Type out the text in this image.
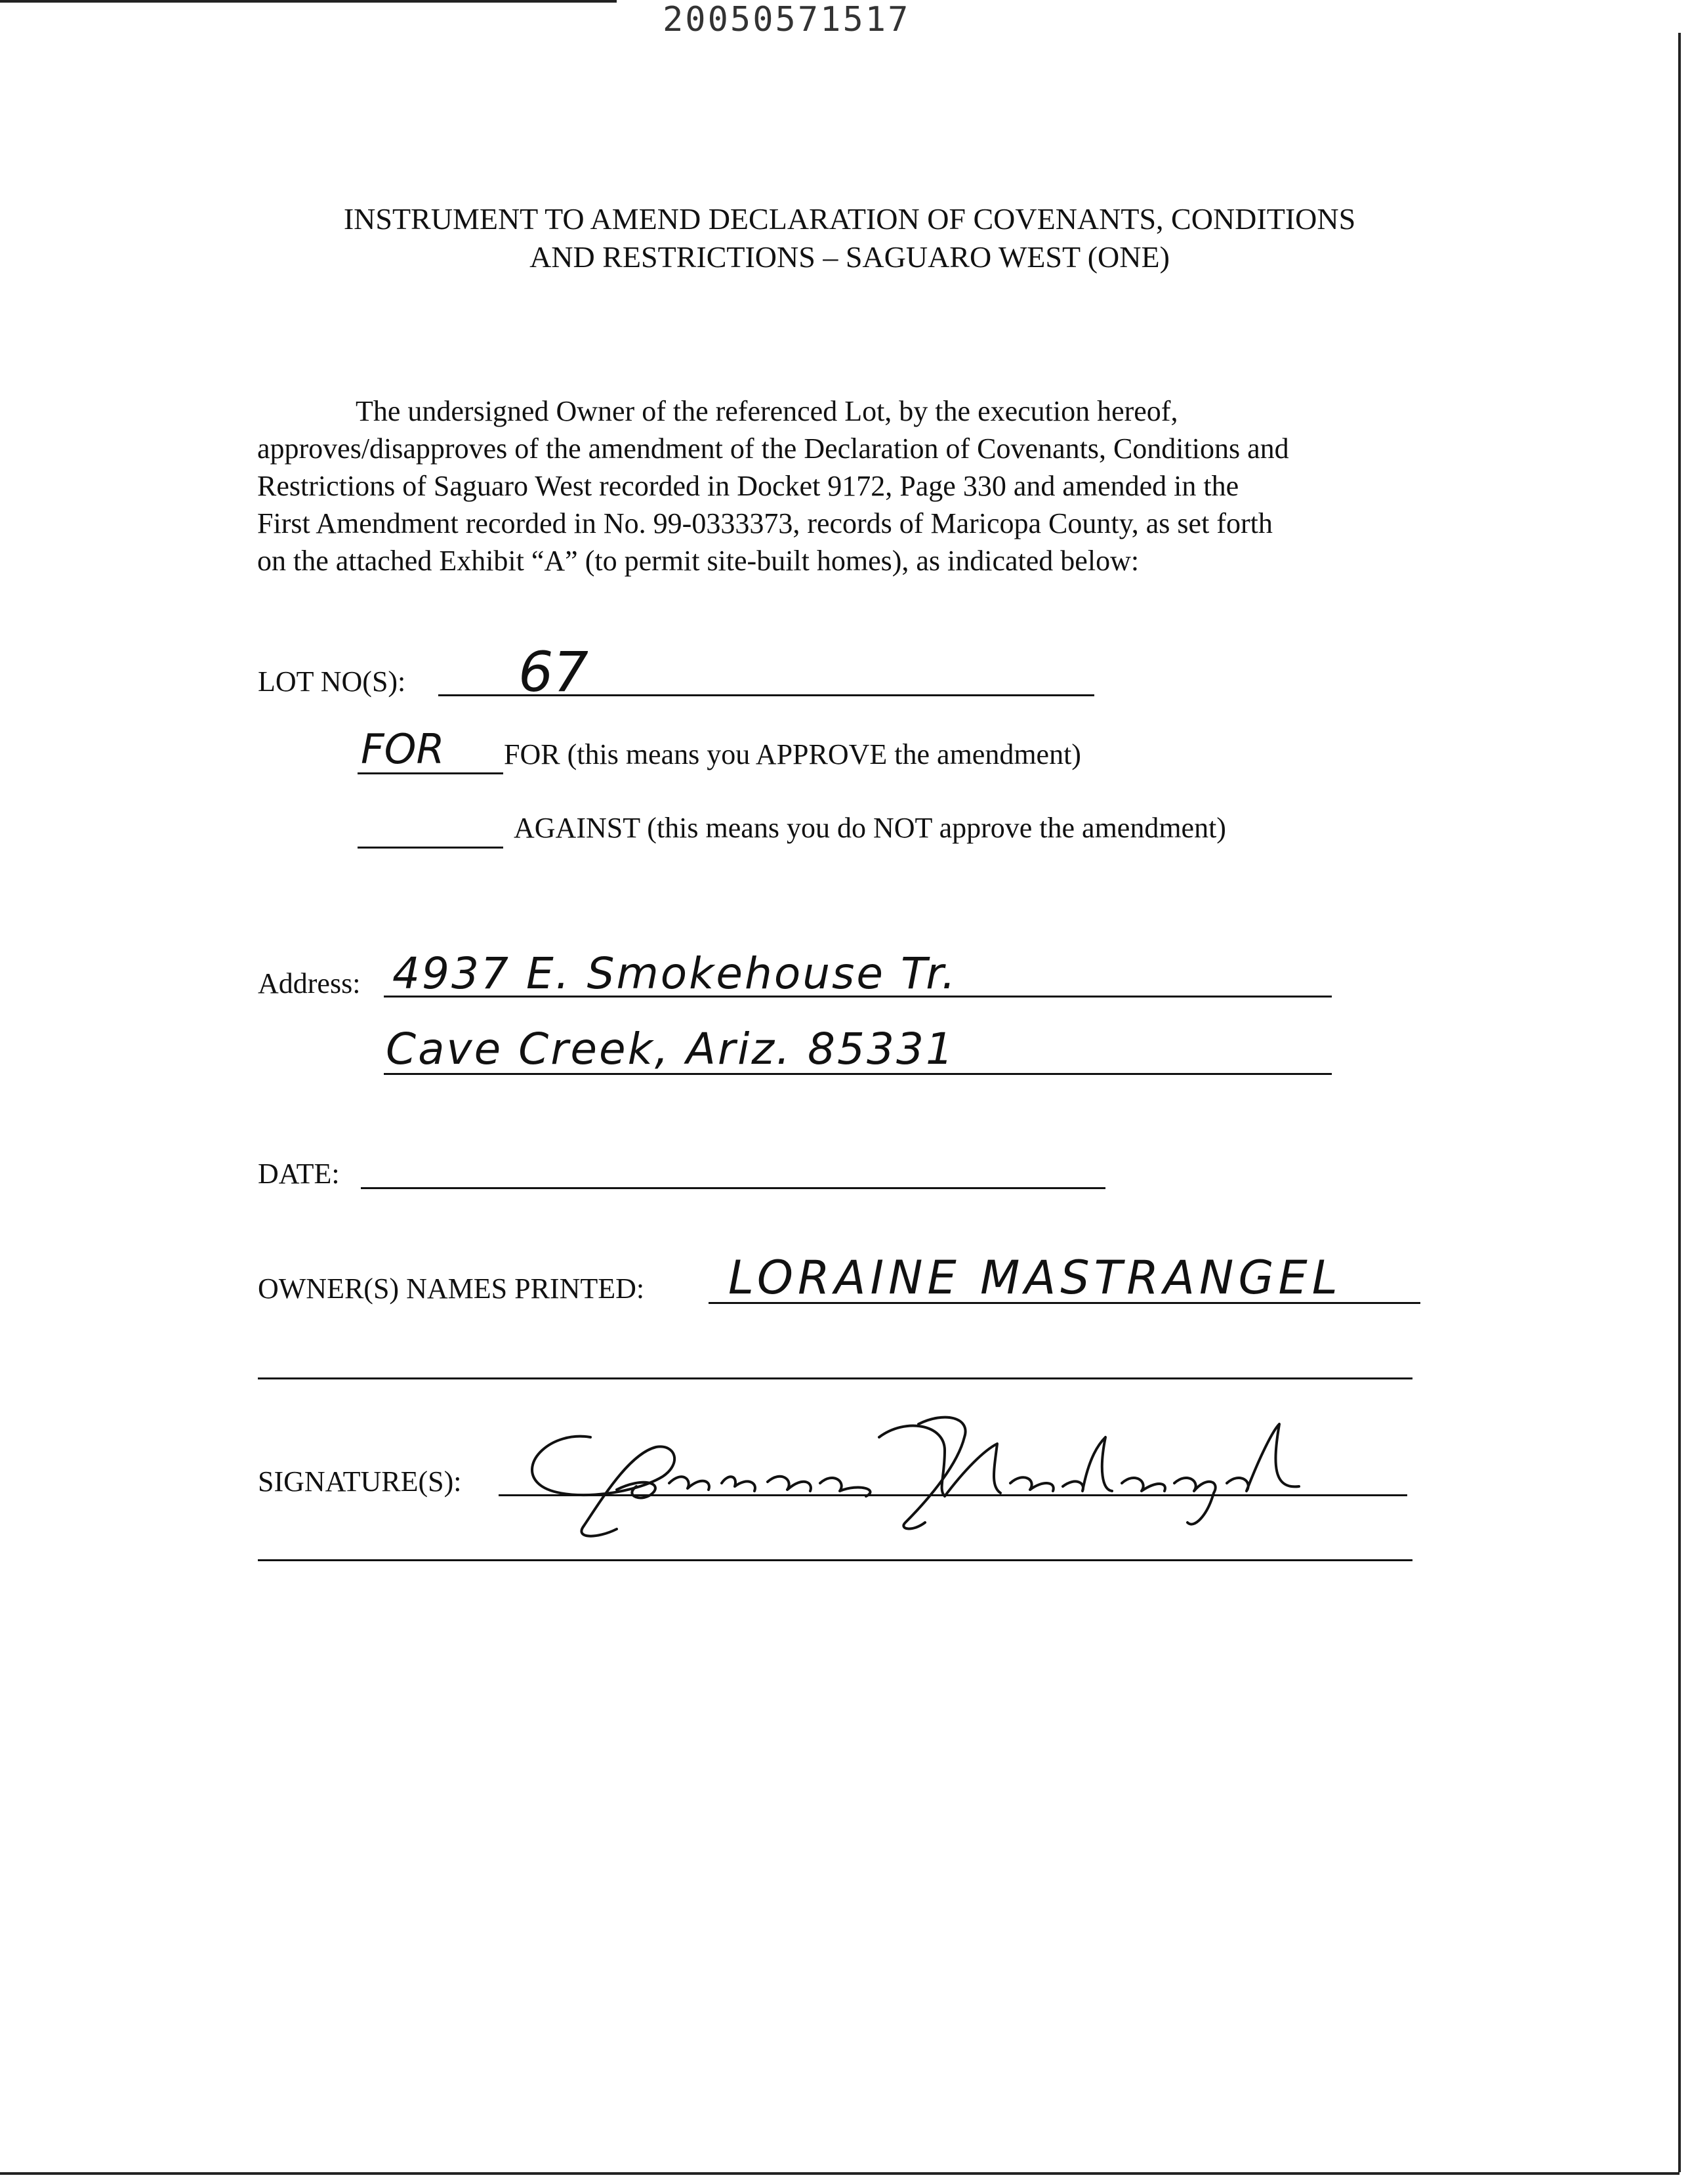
20050571517
INSTRUMENT TO AMEND DECLARATION OF COVENANTS, CONDITIONS
AND RESTRICTIONS – SAGUARO WEST (ONE)
The undersigned Owner of the referenced Lot, by the execution hereof,
approves/disapproves of the amendment of the Declaration of Covenants, Conditions and
Restrictions of Saguaro West recorded in Docket 9172, Page 330 and amended in the
First Amendment recorded in No. 99-0333373, records of Maricopa County, as set forth
on the attached Exhibit “A” (to permit site-built homes), as indicated below:
LOT NO(S): 67
FOR FOR (this means you APPROVE the amendment)
AGAINST (this means you do NOT approve the amendment)
Address: 4937 E. Smokehouse Tr.
Cave Creek, Ariz. 85331
DATE:
OWNER(S) NAMES PRINTED: LORAINE MASTRANGEL
SIGNATURE(S):
